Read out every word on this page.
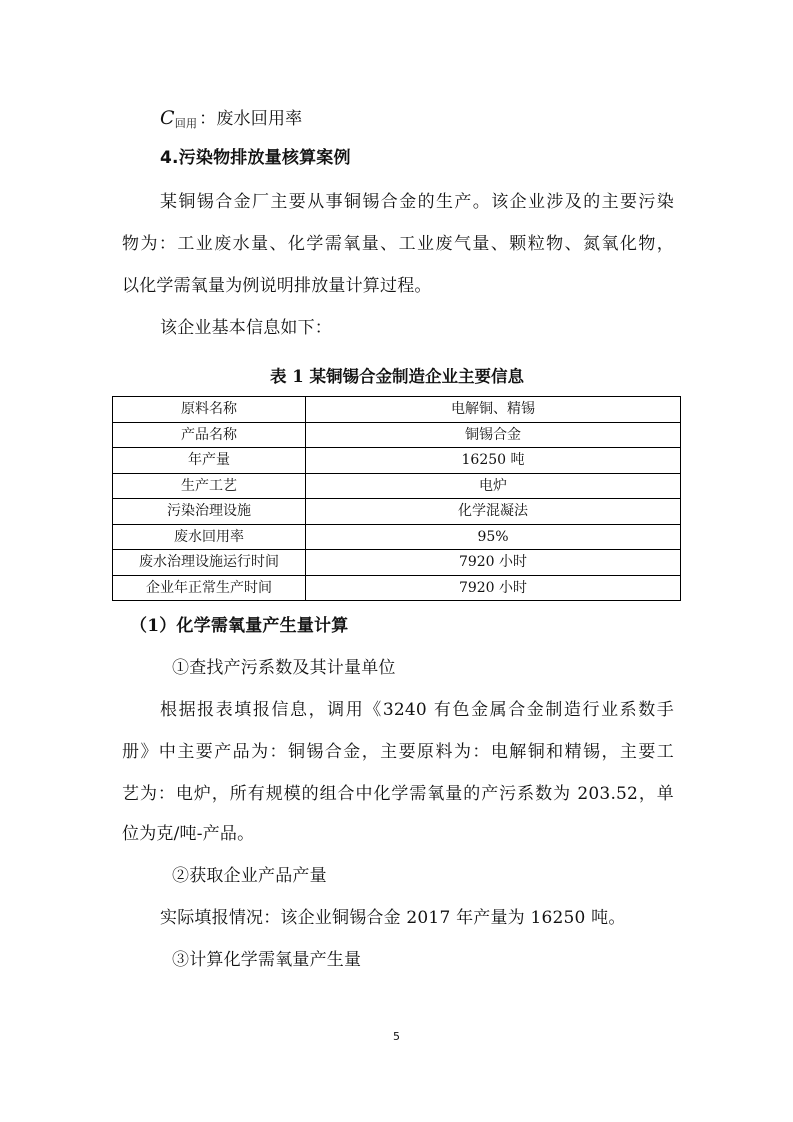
C回用 ：废水回用率
4.污染物排放量核算案例
某铜锡合金厂主要从事铜锡合金的生产。该企业涉及的主要污染
物为：工业废水量、化学需氧量、工业废气量、颗粒物、氮氧化物，
以化学需氧量为例说明排放量计算过程。
该企业基本信息如下：
表 1 某铜锡合金制造企业主要信息
原料名称	电解铜、精锡
产品名称	铜锡合金
年产量	16250 吨
生产工艺	电炉
污染治理设施	化学混凝法
废水回用率	95%
废水治理设施运行时间	7920 小时
企业年正常生产时间	7920 小时
（1）化学需氧量产生量计算
①查找产污系数及其计量单位
根据报表填报信息，调用《3240 有色金属合金制造行业系数手
册》中主要产品为：铜锡合金，主要原料为：电解铜和精锡，主要工
艺为：电炉，所有规模的组合中化学需氧量的产污系数为 203.52，单
位为克/吨-产品。
②获取企业产品产量
实际填报情况：该企业铜锡合金 2017 年产量为 16250 吨。
③计算化学需氧量产生量
5
